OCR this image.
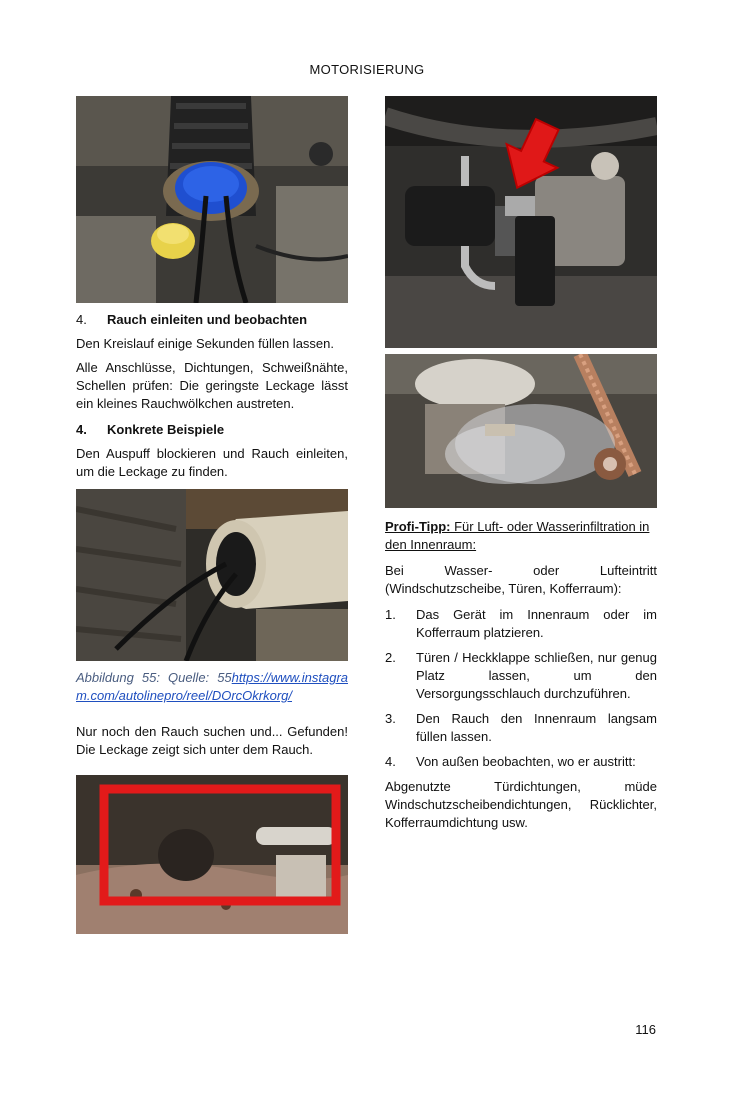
MOTORISIERUNG
4.	Rauch einleiten und beobachten

Den Kreislauf einige Sekunden füllen lassen.

Alle Anschlüsse, Dichtungen, Schweißnähte, Schellen prüfen: Die geringste Leckage lässt ein kleines Rauchwölkchen austreten.

4.	Konkrete Beispiele

Den Auspuff blockieren und Rauch einleiten, um die Leckage zu finden.

Abbildung 55: Quelle: 55https://www.instagram.com/autolinepro/reel/DOrcOkrkorg/

Nur noch den Rauch suchen und... Gefunden! Die Leckage zeigt sich unter dem Rauch.

Profi-Tipp: Für Luft- oder Wasserinfiltration in den Innenraum:

Bei Wasser- oder Lufteintritt (Windschutzscheibe, Türen, Kofferraum):

1.	Das Gerät im Innenraum oder im Kofferraum platzieren.
2.	Türen / Heckklappe schließen, nur genug Platz lassen, um den Versorgungsschlauch durchzuführen.
3.	Den Rauch den Innenraum langsam füllen lassen.
4.	Von außen beobachten, wo er austritt:

Abgenutzte Türdichtungen, müde Windschutzscheibendichtungen, Rücklichter, Kofferraumdichtung usw.

116
